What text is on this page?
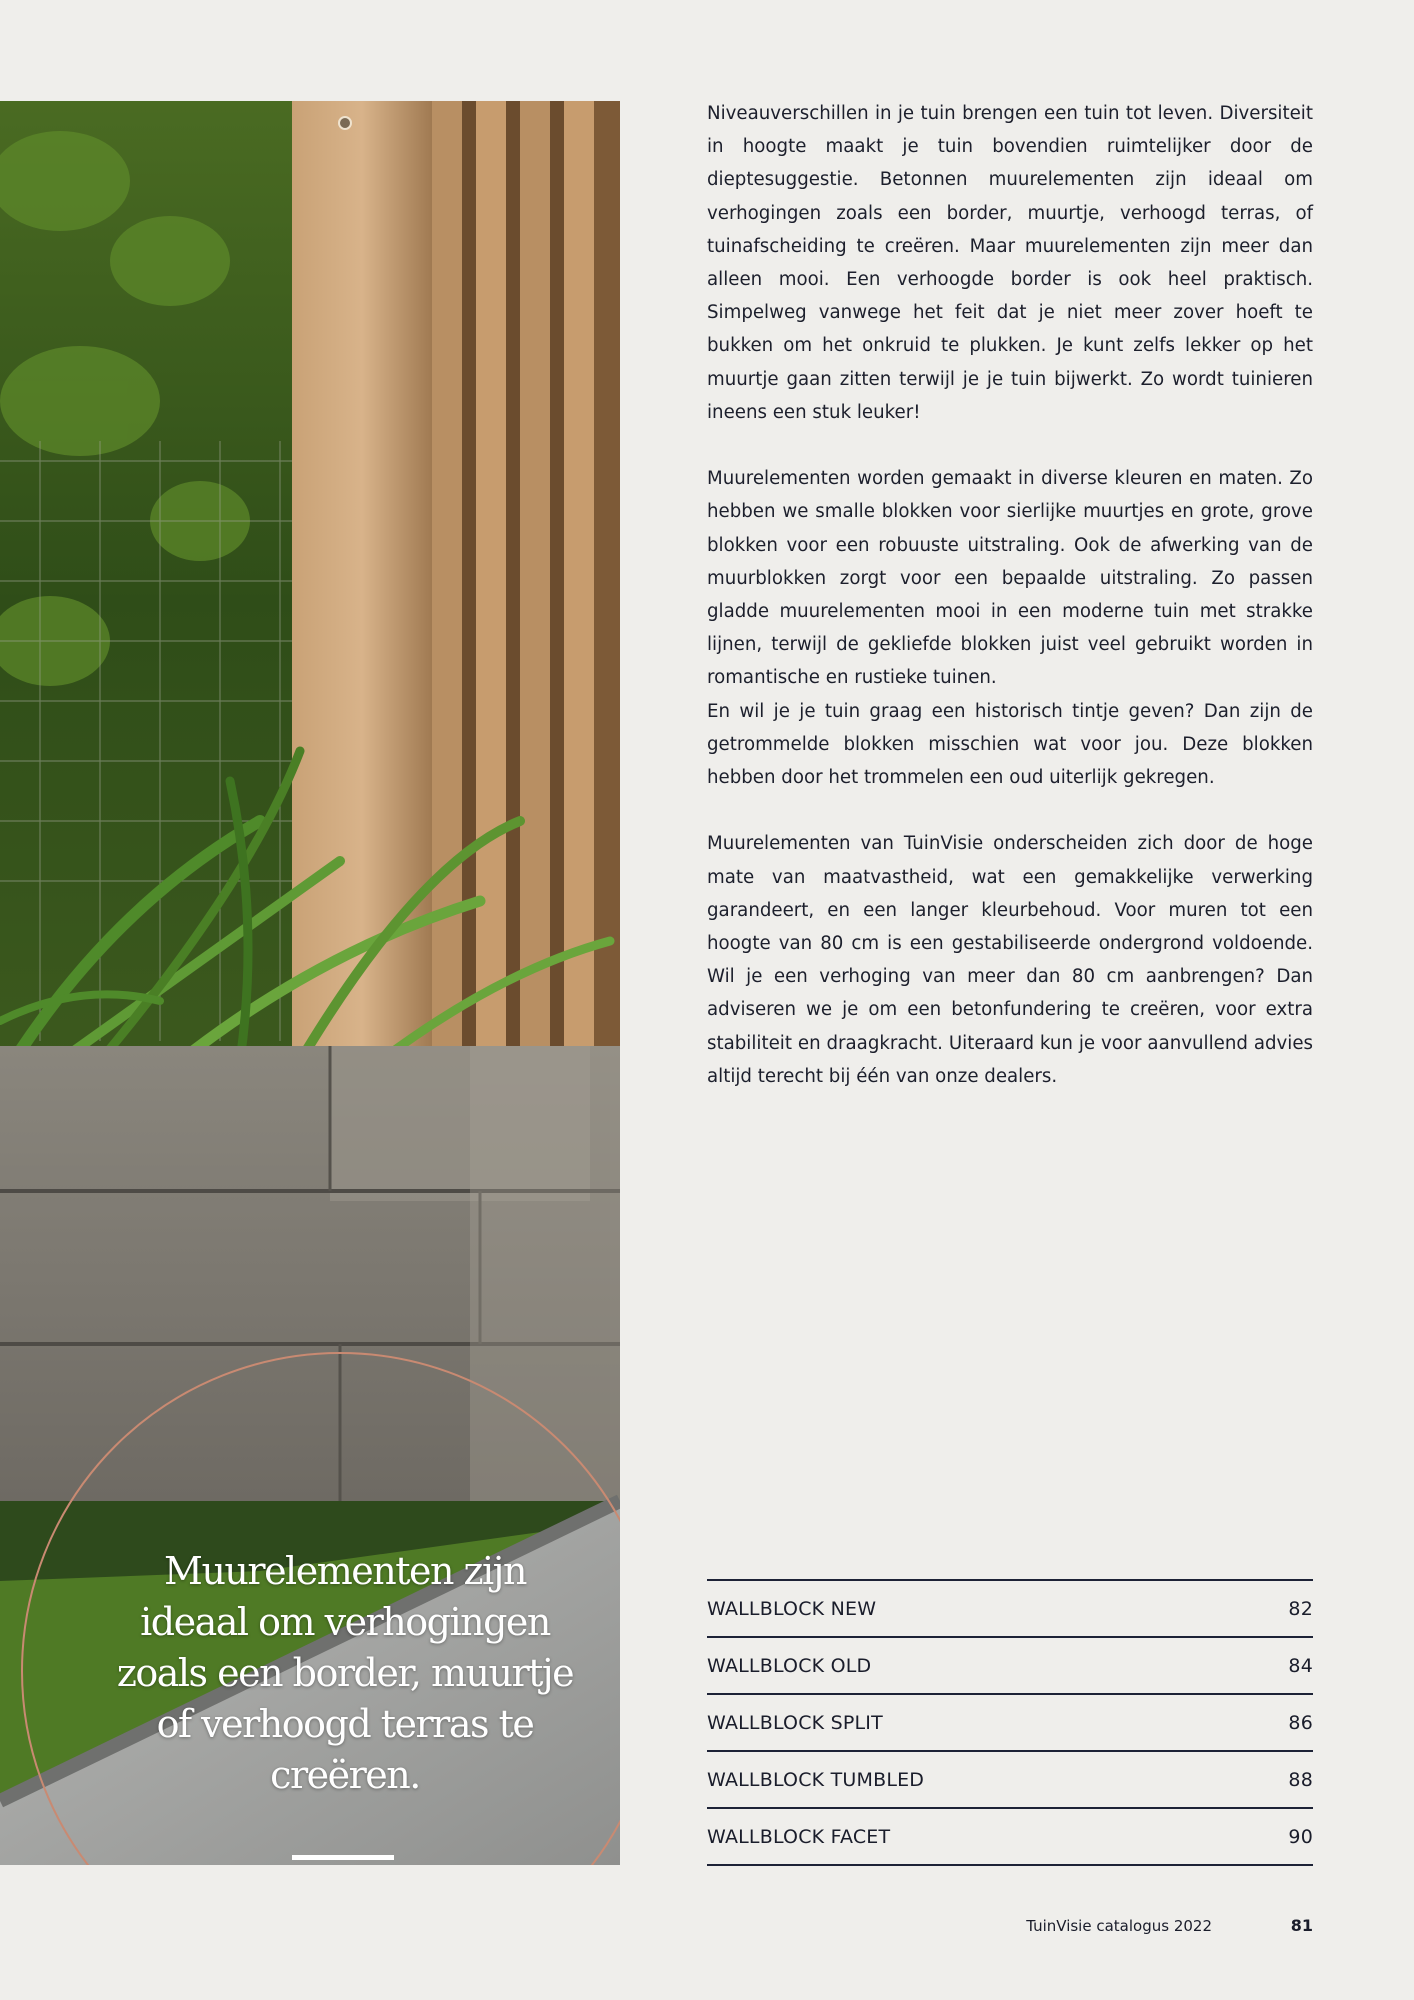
Muurelementen zijn
ideaal om verhogingen
zoals een border, muurtje
of verhoogd terras te
creëren.

Niveauverschillen in je tuin brengen een tuin tot leven. Diversiteit in hoogte maakt je tuin bovendien ruimtelijker door de dieptesuggestie. Betonnen muurelementen zijn ideaal om verhogingen zoals een border, muurtje, verhoogd terras, of tuinafscheiding te creëren. Maar muurelementen zijn meer dan alleen mooi. Een verhoogde border is ook heel praktisch. Simpelweg vanwege het feit dat je niet meer zover hoeft te bukken om het onkruid te plukken. Je kunt zelfs lekker op het muurtje gaan zitten terwijl je je tuin bijwerkt. Zo wordt tuinieren ineens een stuk leuker!

Muurelementen worden gemaakt in diverse kleuren en maten. Zo hebben we smalle blokken voor sierlijke muurtjes en grote, grove blokken voor een robuuste uitstraling. Ook de afwerking van de muurblokken zorgt voor een bepaalde uitstraling. Zo passen gladde muurelementen mooi in een moderne tuin met strakke lijnen, terwijl de gekliefde blokken juist veel gebruikt worden in romantische en rustieke tuinen.

En wil je je tuin graag een historisch tintje geven? Dan zijn de getrommelde blokken misschien wat voor jou. Deze blokken hebben door het trommelen een oud uiterlijk gekregen.

Muurelementen van TuinVisie onderscheiden zich door de hoge mate van maatvastheid, wat een gemakkelijke verwerking garandeert, en een langer kleurbehoud. Voor muren tot een hoogte van 80 cm is een gestabiliseerde ondergrond voldoende. Wil je een verhoging van meer dan 80 cm aanbrengen? Dan adviseren we je om een betonfundering te creëren, voor extra stabiliteit en draagkracht. Uiteraard kun je voor aanvullend advies altijd terecht bij één van onze dealers.

WALLBLOCK NEW	82
WALLBLOCK OLD	84
WALLBLOCK SPLIT	86
WALLBLOCK TUMBLED	88
WALLBLOCK FACET	90
TuinVisie catalogus 2022	81
